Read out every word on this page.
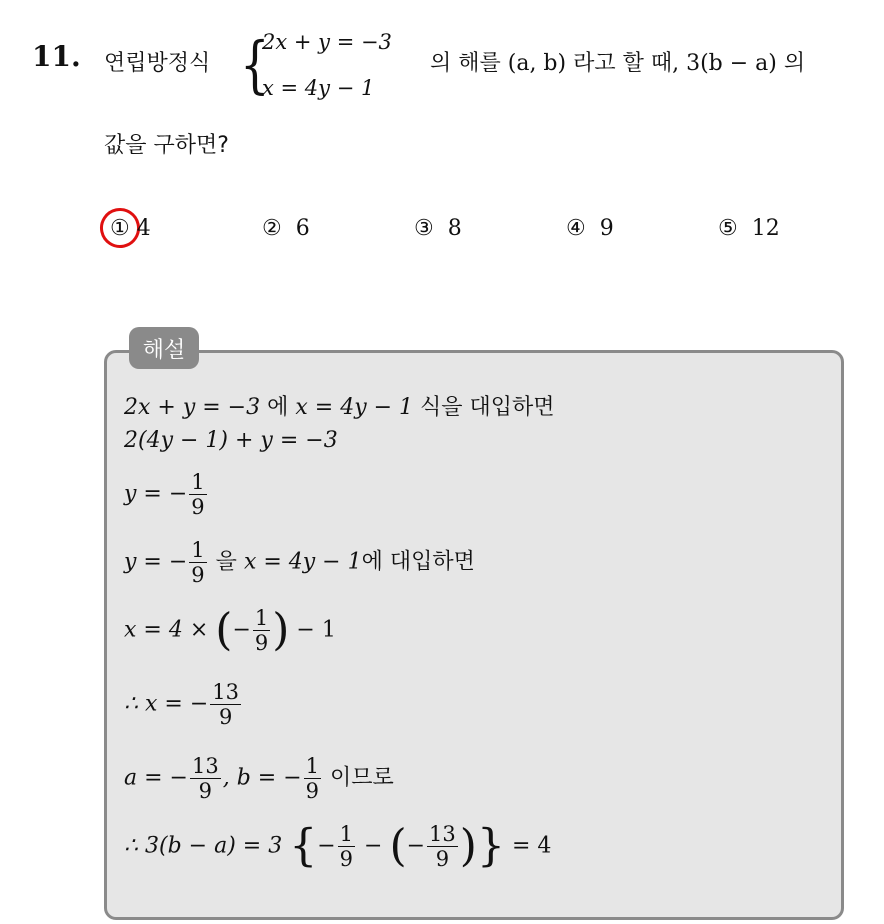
11. 연립방정식 {
2x + y = −3
x = 4y − 1
의 해를 (a, b) 라고 할 때, 3(b − a) 의
값을 구하면?
① 4	② 6	③ 8	④ 9	⑤ 12
해설
2x + y = −3 에 x = 4y − 1 식을 대입하면
2(4y − 1) + y = −3
y = − $\frac{1}{9}$
y = − $\frac{1}{9}$ 을 x = 4y − 1에 대입하면
x = 4 × (− $\frac{1}{9}$ ) − 1
∴ x = − $\frac{13}{9}$
a = − $\frac{13}{9}$ , b = − $\frac{1}{9}$ 이므로
∴ 3(b − a) = 3 {− $\frac{1}{9}$ − (− $\frac{13}{9}$ )} = 4
